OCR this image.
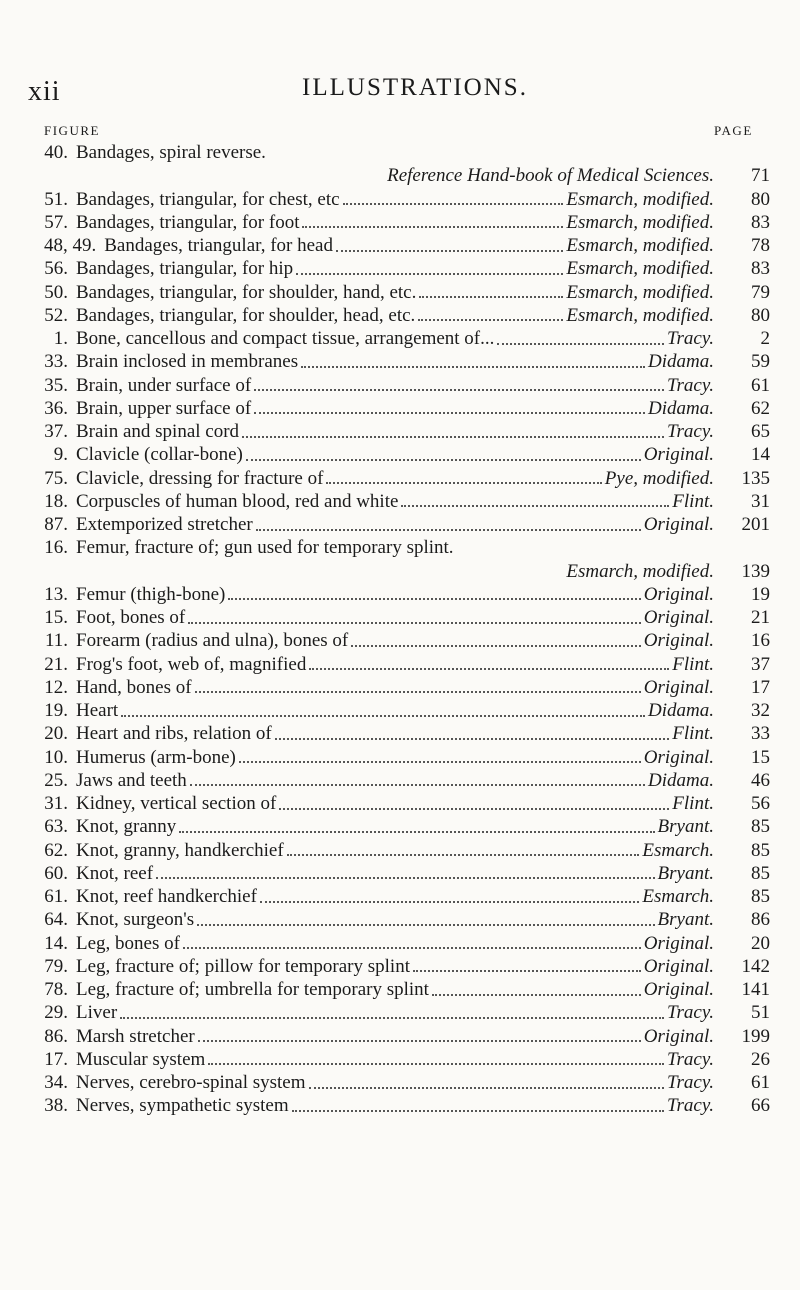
xii	ILLUSTRATIONS.
FIGURE	PAGE
40. Bandages, spiral reverse.
Reference Hand-book of Medical Sciences.	71
51. Bandages, triangular, for chest, etc	Esmarch, modified.	80
57. Bandages, triangular, for foot	Esmarch, modified.	83
48, 49. Bandages, triangular, for head	Esmarch, modified.	78
56. Bandages, triangular, for hip	Esmarch, modified.	83
50. Bandages, triangular, for shoulder, hand, etc.	Esmarch, modified.	79
52. Bandages, triangular, for shoulder, head, etc.	Esmarch, modified.	80
1. Bone, cancellous and compact tissue, arrangement of...	Tracy.	2
33. Brain inclosed in membranes	Didama.	59
35. Brain, under surface of	Tracy.	61
36. Brain, upper surface of	Didama.	62
37. Brain and spinal cord	Tracy.	65
9. Clavicle (collar-bone)	Original.	14
75. Clavicle, dressing for fracture of	Pye, modified.	135
18. Corpuscles of human blood, red and white	Flint.	31
87. Extemporized stretcher	Original.	201
16. Femur, fracture of; gun used for temporary splint.
Esmarch, modified.	139
13. Femur (thigh-bone)	Original.	19
15. Foot, bones of	Original.	21
11. Forearm (radius and ulna), bones of	Original.	16
21. Frog's foot, web of, magnified	Flint.	37
12. Hand, bones of	Original.	17
19. Heart	Didama.	32
20. Heart and ribs, relation of	Flint.	33
10. Humerus (arm-bone)	Original.	15
25. Jaws and teeth	Didama.	46
31. Kidney, vertical section of	Flint.	56
63. Knot, granny	Bryant.	85
62. Knot, granny, handkerchief	Esmarch.	85
60. Knot, reef	Bryant.	85
61. Knot, reef handkerchief	Esmarch.	85
64. Knot, surgeon's	Bryant.	86
14. Leg, bones of	Original.	20
79. Leg, fracture of; pillow for temporary splint	Original.	142
78. Leg, fracture of; umbrella for temporary splint	Original.	141
29. Liver	Tracy.	51
86. Marsh stretcher	Original.	199
17. Muscular system	Tracy.	26
34. Nerves, cerebro-spinal system	Tracy.	61
38. Nerves, sympathetic system	Tracy.	66
